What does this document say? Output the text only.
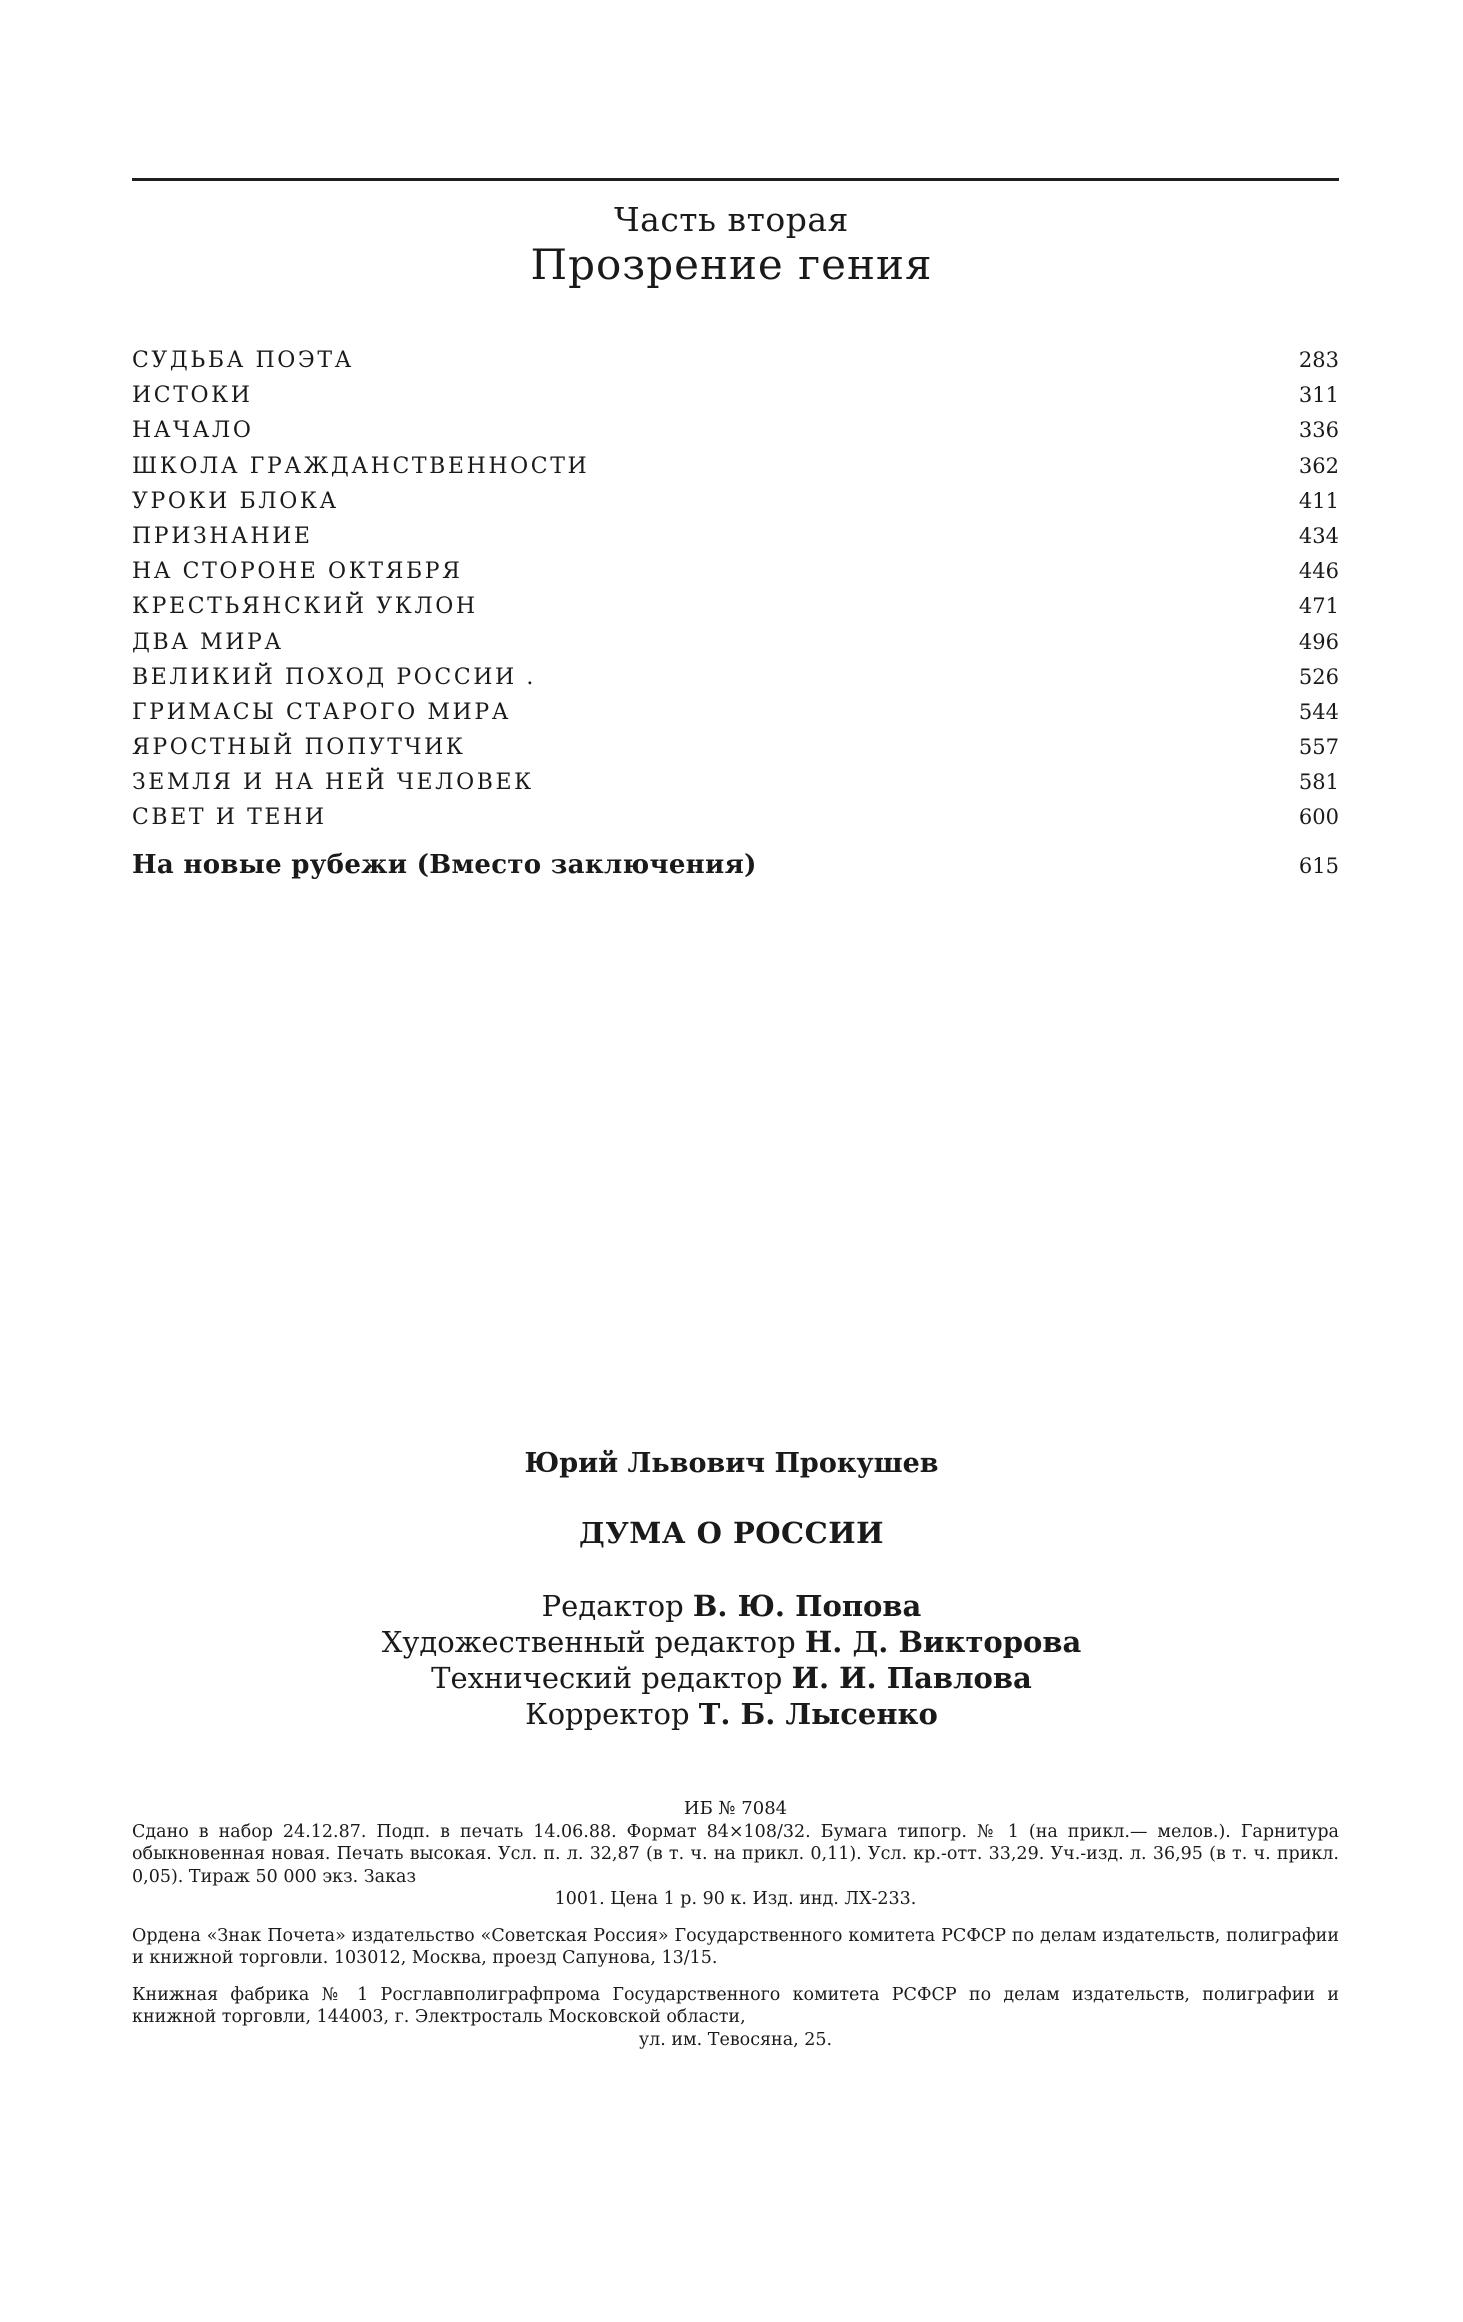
Часть вторая
Прозрение гения
СУДЬБА ПОЭТА	283
ИСТОКИ	311
НАЧАЛО	336
ШКОЛА ГРАЖДАНСТВЕННОСТИ	362
УРОКИ БЛОКА	411
ПРИЗНАНИЕ	434
НА СТОРОНЕ ОКТЯБРЯ	446
КРЕСТЬЯНСКИЙ УКЛОН	471
ДВА МИРА	496
ВЕЛИКИЙ ПОХОД РОССИИ .	526
ГРИМАСЫ СТАРОГО МИРА	544
ЯРОСТНЫЙ ПОПУТЧИК	557
ЗЕМЛЯ И НА НЕЙ ЧЕЛОВЕК	581
СВЕТ И ТЕНИ	600
На новые рубежи (Вместо заключения)	615
Юрий Львович Прокушев
ДУМА О РОССИИ
Редактор В. Ю. Попова
Художественный редактор Н. Д. Викторова
Технический редактор И. И. Павлова
Корректор Т. Б. Лысенко

ИБ № 7084

Сдано в набор 24.12.87. Подп. в печать 14.06.88. Формат 84×108/32. Бумага типогр. № 1 (на прикл.— мелов.). Гарнитура обыкновенная новая. Печать высокая. Усл. п. л. 32,87 (в т. ч. на прикл. 0,11). Усл. кр.-отт. 33,29. Уч.-изд. л. 36,95 (в т. ч. прикл. 0,05). Тираж 50 000 экз. Заказ

1001. Цена 1 р. 90 к. Изд. инд. ЛХ-233.

Ордена «Знак Почета» издательство «Советская Россия» Государственного комитета РСФСР по делам издательств, полиграфии и книжной торговли. 103012, Москва, проезд Сапунова, 13/15.

Книжная фабрика № 1 Росглавполиграфпрома Государственного комитета РСФСР по делам издательств, полиграфии и книжной торговли, 144003, г. Электросталь Московской области,

ул. им. Тевосяна, 25.
